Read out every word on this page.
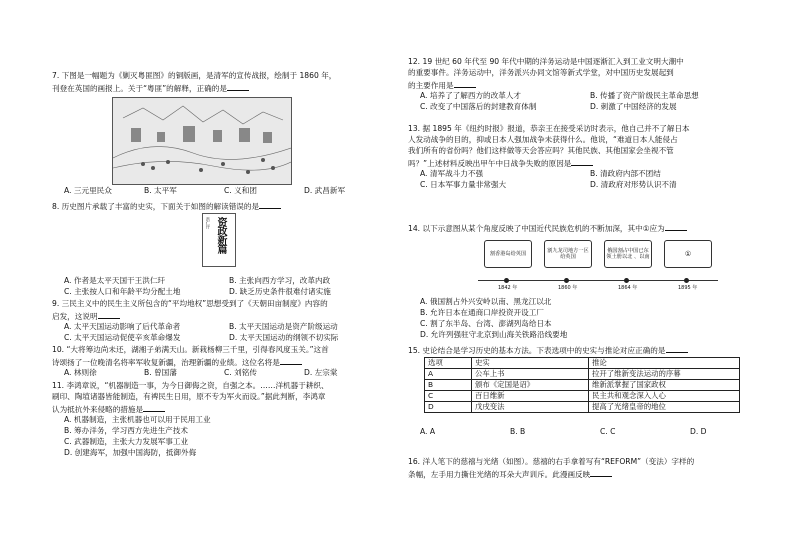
7. 下图是一幅题为《剿灭粤匪图》的铜版画，是清军的宣传战报，绘制于 1860 年，
刊登在英国的画报上。关于“粤匪”的解释，正确的是
A. 三元里民众	B. 太平军	C. 义和团	D. 武昌新军
8. 历史图片承载了丰富的史实，下面关于如图的解读错误的是
洪仁玕 资政新篇
A. 作者是太平天国干王洪仁玕	B. 主张向西方学习，改革内政
C. 主张按人口和年龄平均分配土地	D. 缺乏历史条件很难付诸实施
9. 三民主义中的民生主义所包含的“平均地权”思想受到了《天朝田亩制度》内容的
启发，这说明
A. 太平天国运动影响了后代革命者	B. 太平天国运动是资产阶级运动
C. 太平天国运动促使辛亥革命爆发	D. 太平天国运动的纲领不切实际
10. “大将筹边尚未还，湖湘子弟满天山。新栽杨柳三千里，引得春风度玉关。”这首
诗颂扬了一位晚清名将率军收复新疆，治理新疆的业绩。这位名将是
A. 林则徐	B. 曾国藩	C. 刘铭传	D. 左宗棠
11. 李鸿章说，“机器制造一事，为今日御侮之资，自强之本。……洋机器于耕织、
刷印、陶埴诸器皆能制造，有裨民生日用，原不专为军火而设。”据此判断，李鸿章
认为抵抗外来侵略的措施是
A. 机器制造，主张机器也可以用于民用工业
B. 筹办洋务，学习西方先进生产技术
C. 武器制造，主张大力发展军事工业
D. 创建海军，加强中国海防，抵御外侮
12. 19 世纪 60 年代至 90 年代中期的洋务运动是中国逐渐汇入到工业文明大潮中
的重要事件。洋务运动中，洋务派兴办同文馆等新式学堂，对中国历史发展起到
的主要作用是
A. 培养了了解西方的改革人才	B. 传播了资产阶级民主革命思想
C. 改变了中国落后的封建教育体制	D. 刺激了中国经济的发展
13. 据 1895 年《纽约时报》报道，恭亲王在接受采访时表示，他自己并不了解日本
人发动战争的目的，抑或日本人强加战争未获得什么。他说，“难道日本人能侵占
我们所有的省份吗？他们这样做等天会答应吗？其他民族、其他国家会坐视不管
吗？”上述材料反映出甲午中日战争失败的原因是
A. 清军战斗力不强	B. 清政府内部不团结
C. 日本军事力量非常强大	D. 清政府对形势认识不清
14. 以下示意图从某个角度反映了中国近代民族危机的不断加深，其中①应为
割香港岛给英国
割九龙司地方一区给英国
俄国割占中国已东领土册以北 、以南	①
1842 年	1860 年	1864 年	1895 年
A. 俄国割占外兴安岭以南、黑龙江以北
B. 允许日本在通商口岸投资开设工厂
C. 割了东半岛、台湾、澎湖列岛给日本
D. 允许列强驻守北京到山海关铁路沿线要地
15. 史论结合是学习历史的基本方法。下表选项中的史实与推论对应正确的是
选项	史实	推论
A	公车上书	拉开了维新变法运动的序幕
B	颁布《定国是诏》	维新派掌握了国家政权
C	百日维新	民主共和观念深入人心
D	戊戌变法	提高了光绪皇帝的地位
A. A	B. B	C. C	D. D
16. 洋人笔下的慈禧与光绪（如图）。慈禧的右手拿着写有“REFORM”（变法）字样的
条幅，左手用力撕住光绪的耳朵大声训斥。此漫画反映
